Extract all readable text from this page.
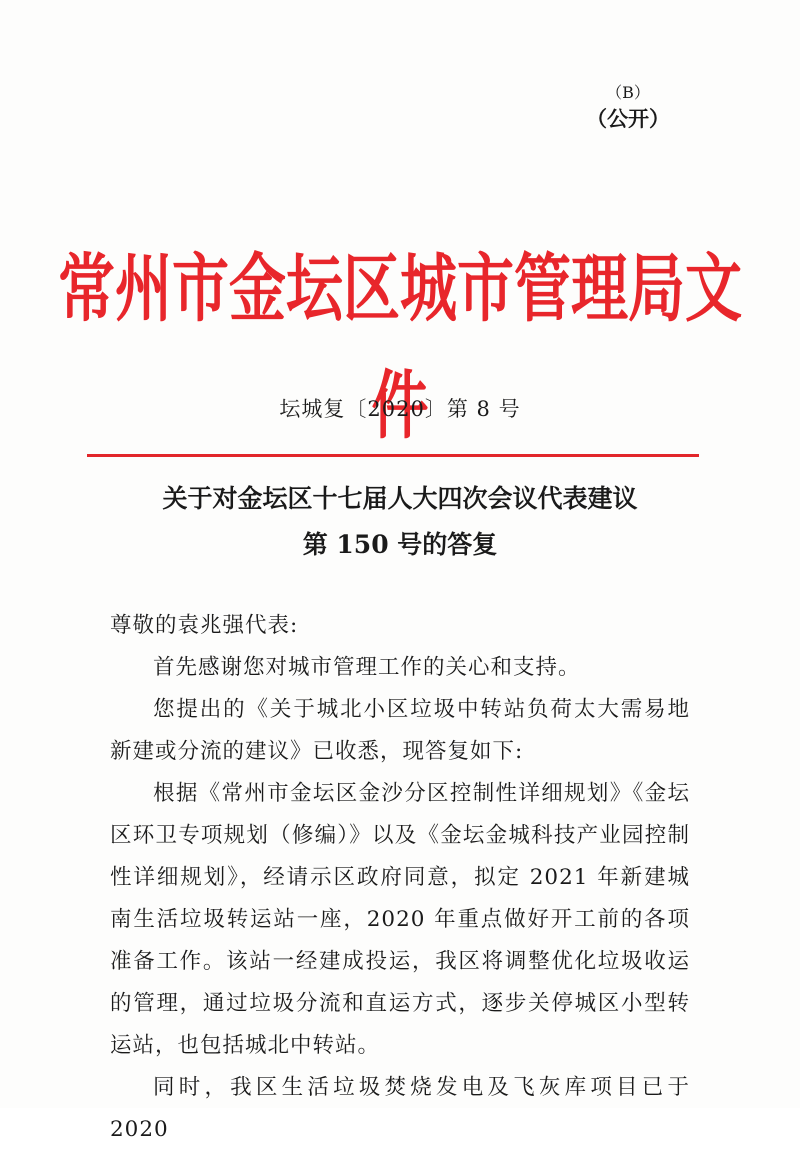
（B）
（公开）
常州市金坛区城市管理局文件
坛城复〔2020〕第 8 号
关于对金坛区十七届人大四次会议代表建议
第 150 号的答复

尊敬的袁兆强代表:

首先感谢您对城市管理工作的关心和支持。

您提出的《关于城北小区垃圾中转站负荷太大需易地新建或分流的建议》已收悉，现答复如下:

根据《常州市金坛区金沙分区控制性详细规划》《金坛区环卫专项规划（修编）》以及《金坛金城科技产业园控制性详细规划》，经请示区政府同意，拟定 2021 年新建城南生活垃圾转运站一座，2020 年重点做好开工前的各项准备工作。该站一经建成投运，我区将调整优化垃圾收运的管理，通过垃圾分流和直运方式，逐步关停城区小型转运站，也包括城北中转站。

同时，我区生活垃圾焚烧发电及飞灰库项目已于 2020
